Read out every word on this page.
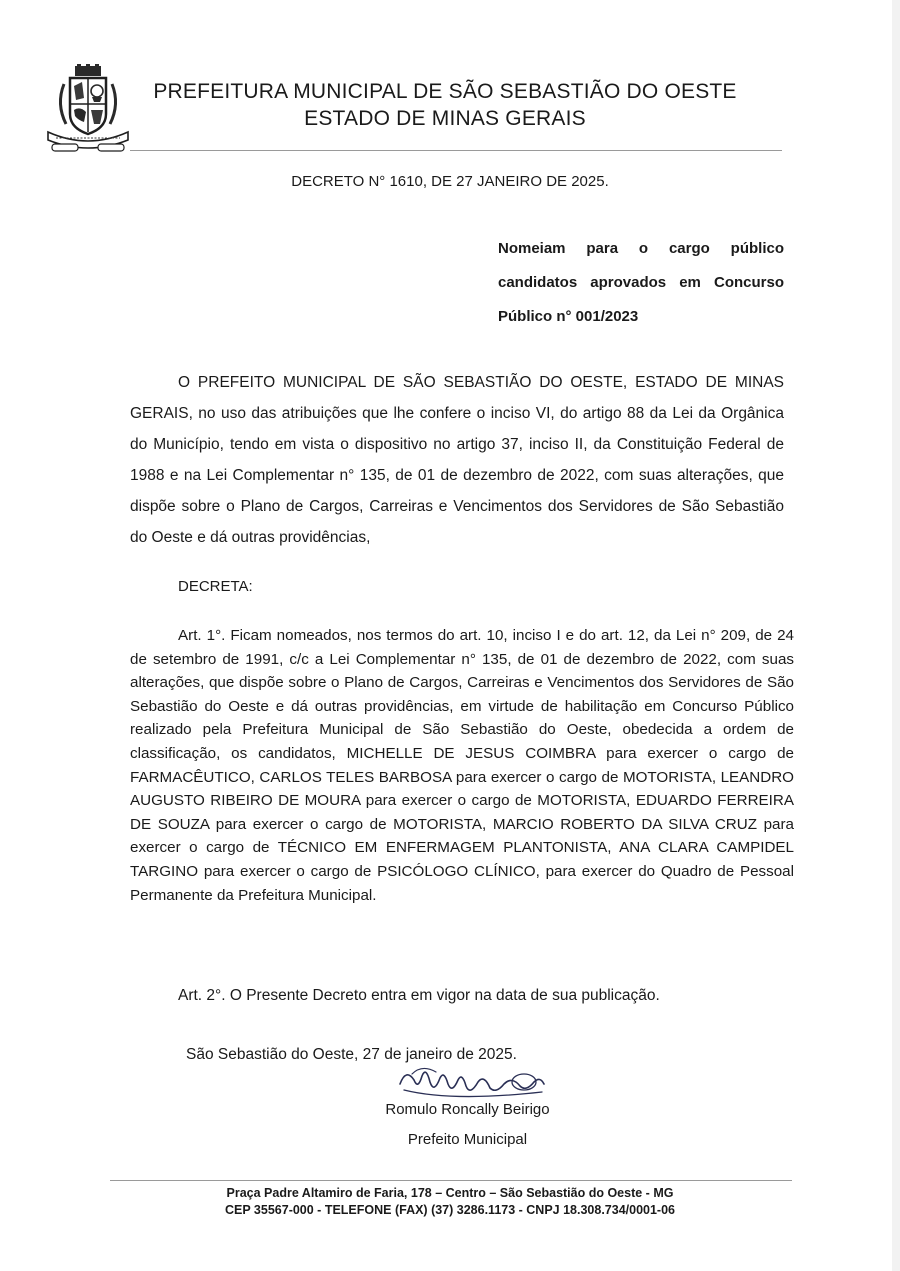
PREFEITURA MUNICIPAL DE SÃO SEBASTIÃO DO OESTE
ESTADO DE MINAS GERAIS
DECRETO N° 1610, DE 27 JANEIRO DE 2025.
Nomeiam para o cargo público
candidatos aprovados em Concurso
Público n° 001/2023
O PREFEITO MUNICIPAL DE SÃO SEBASTIÃO DO OESTE, ESTADO DE MINAS GERAIS, no uso das atribuições que lhe confere o inciso VI, do artigo 88 da Lei da Orgânica do Município, tendo em vista o dispositivo no artigo 37, inciso II, da Constituição Federal de 1988 e na Lei Complementar n° 135, de 01 de dezembro de 2022, com suas alterações, que dispõe sobre o Plano de Cargos, Carreiras e Vencimentos dos Servidores de São Sebastião do Oeste e dá outras providências,
DECRETA:
Art. 1°. Ficam nomeados, nos termos do art. 10, inciso I e do art. 12, da Lei n° 209, de 24 de setembro de 1991, c/c a Lei Complementar n° 135, de 01 de dezembro de 2022, com suas alterações, que dispõe sobre o Plano de Cargos, Carreiras e Vencimentos dos Servidores de São Sebastião do Oeste e dá outras providências, em virtude de habilitação em Concurso Público realizado pela Prefeitura Municipal de São Sebastião do Oeste, obedecida a ordem de classificação, os candidatos, MICHELLE DE JESUS COIMBRA para exercer o cargo de FARMACÊUTICO, CARLOS TELES BARBOSA para exercer o cargo de MOTORISTA, LEANDRO AUGUSTO RIBEIRO DE MOURA para exercer o cargo de MOTORISTA, EDUARDO FERREIRA DE SOUZA para exercer o cargo de MOTORISTA, MARCIO ROBERTO DA SILVA CRUZ para exercer o cargo de TÉCNICO EM ENFERMAGEM PLANTONISTA, ANA CLARA CAMPIDEL TARGINO para exercer o cargo de PSICÓLOGO CLÍNICO, para exercer do Quadro de Pessoal Permanente da Prefeitura Municipal.
Art. 2°. O Presente Decreto entra em vigor na data de sua publicação.
São Sebastião do Oeste, 27 de janeiro de 2025.
Romulo Roncally Beirigo
Prefeito Municipal
Praça Padre Altamiro de Faria, 178 – Centro – São Sebastião do Oeste - MG
CEP 35567-000 - TELEFONE (FAX) (37) 3286.1173 - CNPJ 18.308.734/0001-06
